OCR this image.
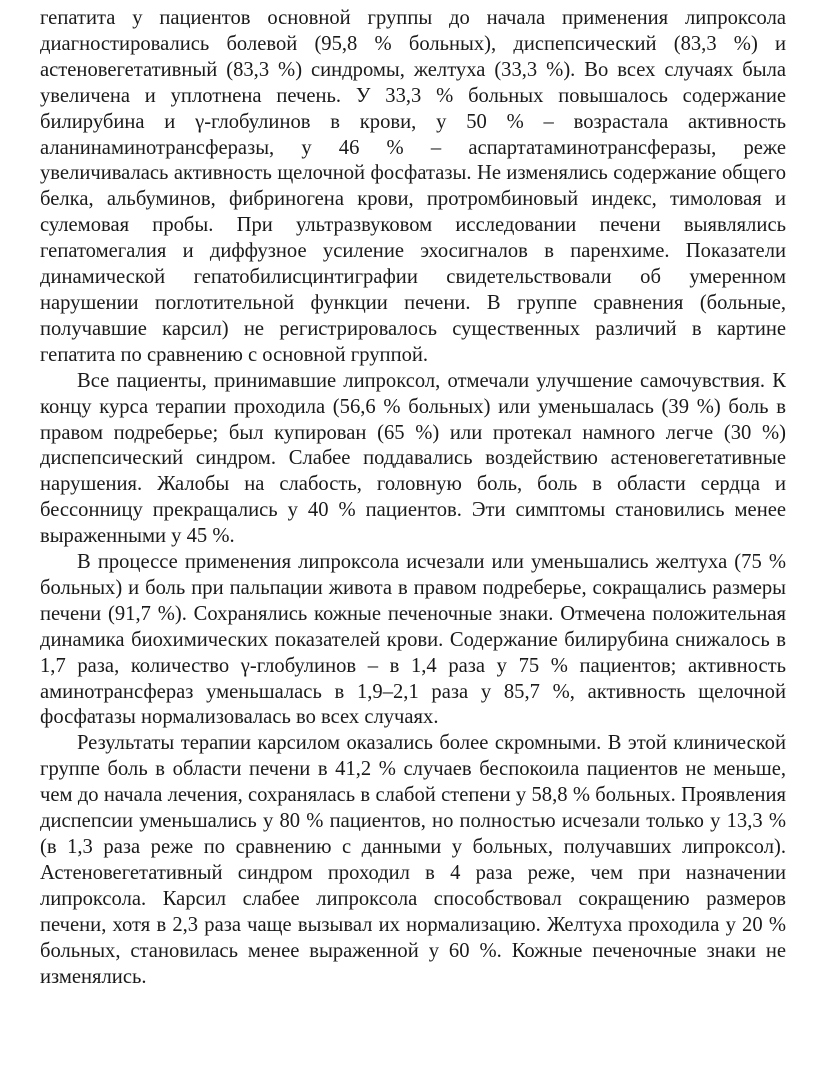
гепатита у пациентов основной группы до начала применения липроксола диагностировались болевой (95,8 % больных), диспепсический (83,3 %) и астеновегетативный (83,3 %) синдромы, желтуха (33,3 %). Во всех случаях была увеличена и уплотнена печень. У 33,3 % больных повышалось содержание билирубина и γ-глобулинов в крови, у 50 % – возрастала активность аланинаминотрансферазы, у 46 % – аспартатаминотрансферазы, реже увеличивалась активность щелочной фосфатазы. Не изменялись содержание общего белка, альбуминов, фибриногена крови, протромбиновый индекс, тимоловая и сулемовая пробы. При ультразвуковом исследовании печени выявлялись гепатомегалия и диффузное усиление эхосигналов в паренхиме. Показатели динамической гепатобилисцинтиграфии свидетельствовали об умеренном нарушении поглотительной функции печени. В группе сравнения (больные, получавшие карсил) не регистрировалось существенных различий в картине гепатита по сравнению с основной группой.

Все пациенты, принимавшие липроксол, отмечали улучшение самочувствия. К концу курса терапии проходила (56,6 % больных) или уменьшалась (39 %) боль в правом подреберье; был купирован (65 %) или протекал намного легче (30 %) диспепсический синдром. Слабее поддавались воздействию астеновегетативные нарушения. Жалобы на слабость, головную боль, боль в области сердца и бессонницу прекращались у 40 % пациентов. Эти симптомы становились менее выраженными у 45 %.

В процессе применения липроксола исчезали или уменьшались желтуха (75 % больных) и боль при пальпации живота в правом подреберье, сокращались размеры печени (91,7 %). Сохранялись кожные печеночные знаки. Отмечена положительная динамика биохимических показателей крови. Содержание билирубина снижалось в 1,7 раза, количество γ-глобулинов – в 1,4 раза у 75 % пациентов; активность аминотрансфераз уменьшалась в 1,9–2,1 раза у 85,7 %, активность щелочной фосфатазы нормализовалась во всех случаях.

Результаты терапии карсилом оказались более скромными. В этой клинической группе боль в области печени в 41,2 % случаев беспокоила пациентов не меньше, чем до начала лечения, сохранялась в слабой степени у 58,8 % больных. Проявления диспепсии уменьшались у 80 % пациентов, но полностью исчезали только у 13,3 % (в 1,3 раза реже по сравнению с данными у больных, получавших липроксол). Астеновегетативный синдром проходил в 4 раза реже, чем при назначении липроксола. Карсил слабее липроксола способствовал сокращению размеров печени, хотя в 2,3 раза чаще вызывал их нормализацию. Желтуха проходила у 20 % больных, становилась менее выраженной у 60 %. Кожные печеночные знаки не изменялись.
